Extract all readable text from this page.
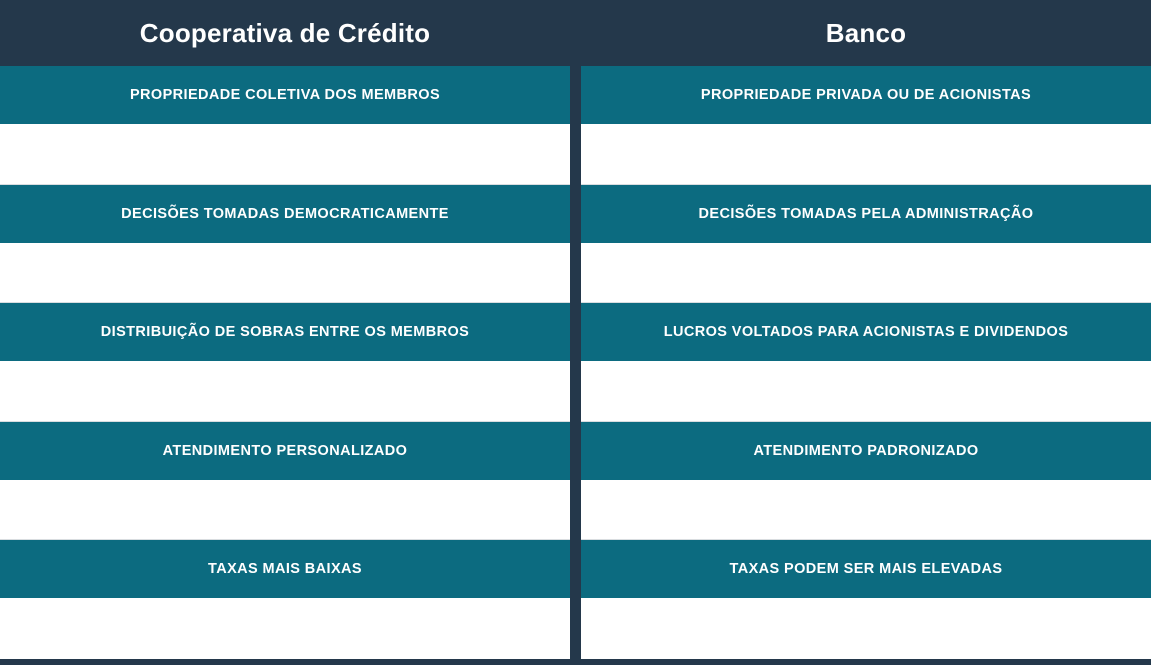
Cooperativa de Crédito	Banco
PROPRIEDADE COLETIVA DOS MEMBROS
DECISÕES TOMADAS DEMOCRATICAMENTE
DISTRIBUIÇÃO DE SOBRAS ENTRE OS MEMBROS
ATENDIMENTO PERSONALIZADO
TAXAS MAIS BAIXAS
PROPRIEDADE PRIVADA OU DE ACIONISTAS
DECISÕES TOMADAS PELA ADMINISTRAÇÃO
LUCROS VOLTADOS PARA ACIONISTAS E DIVIDENDOS
ATENDIMENTO PADRONIZADO
TAXAS PODEM SER MAIS ELEVADAS
